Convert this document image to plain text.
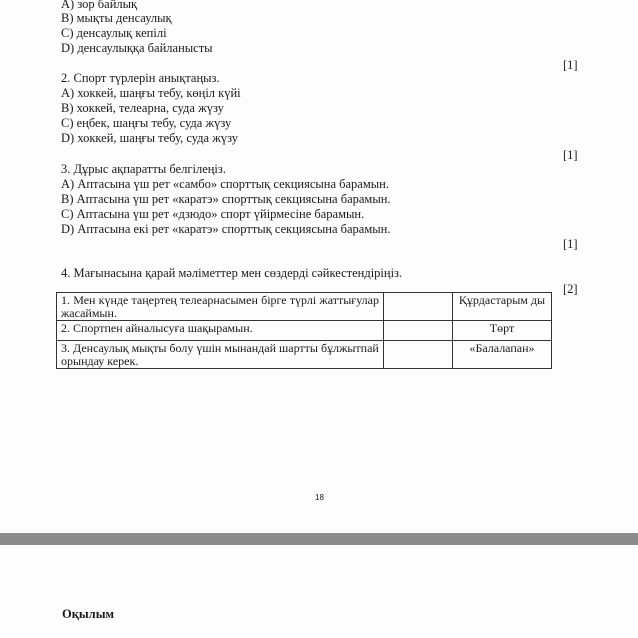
A) зор байлық
B) мықты денсаулық
C) денсаулық кепілі
D) денсаулыққа байланысты
[1]
2. Спорт түрлерін анықтаңыз.
A) хоккей, шаңғы тебу, көңіл күйі
B) хоккей, телеарна, суда жүзу
C) еңбек, шаңғы тебу, суда жүзу
D) хоккей, шаңғы тебу, суда жүзу
[1]
3. Дұрыс ақпаратты белгілеңіз.
A) Аптасына үш рет «самбо» спорттық секциясына барамын.
B) Аптасына үш рет «каратэ» спорттық секциясына барамын.
C) Аптасына үш рет «дзюдо» спорт үйірмесіне барамын.
D) Аптасына екі рет «каратэ» спорттық секциясына барамын.
[1]
4. Мағынасына қарай мәліметтер мен сөздерді сәйкестендіріңіз.
[2]
1. Мен күнде таңертең телеарнасымен бірге түрлі жаттығулар жасаймын.		Құрдастарым ды
2. Спортпен айналысуға шақырамын.		Төрт
3. Денсаулық мықты болу үшін мынандай шартты бұлжытпай орындау керек.		«Балалапан»
18
Оқылым
